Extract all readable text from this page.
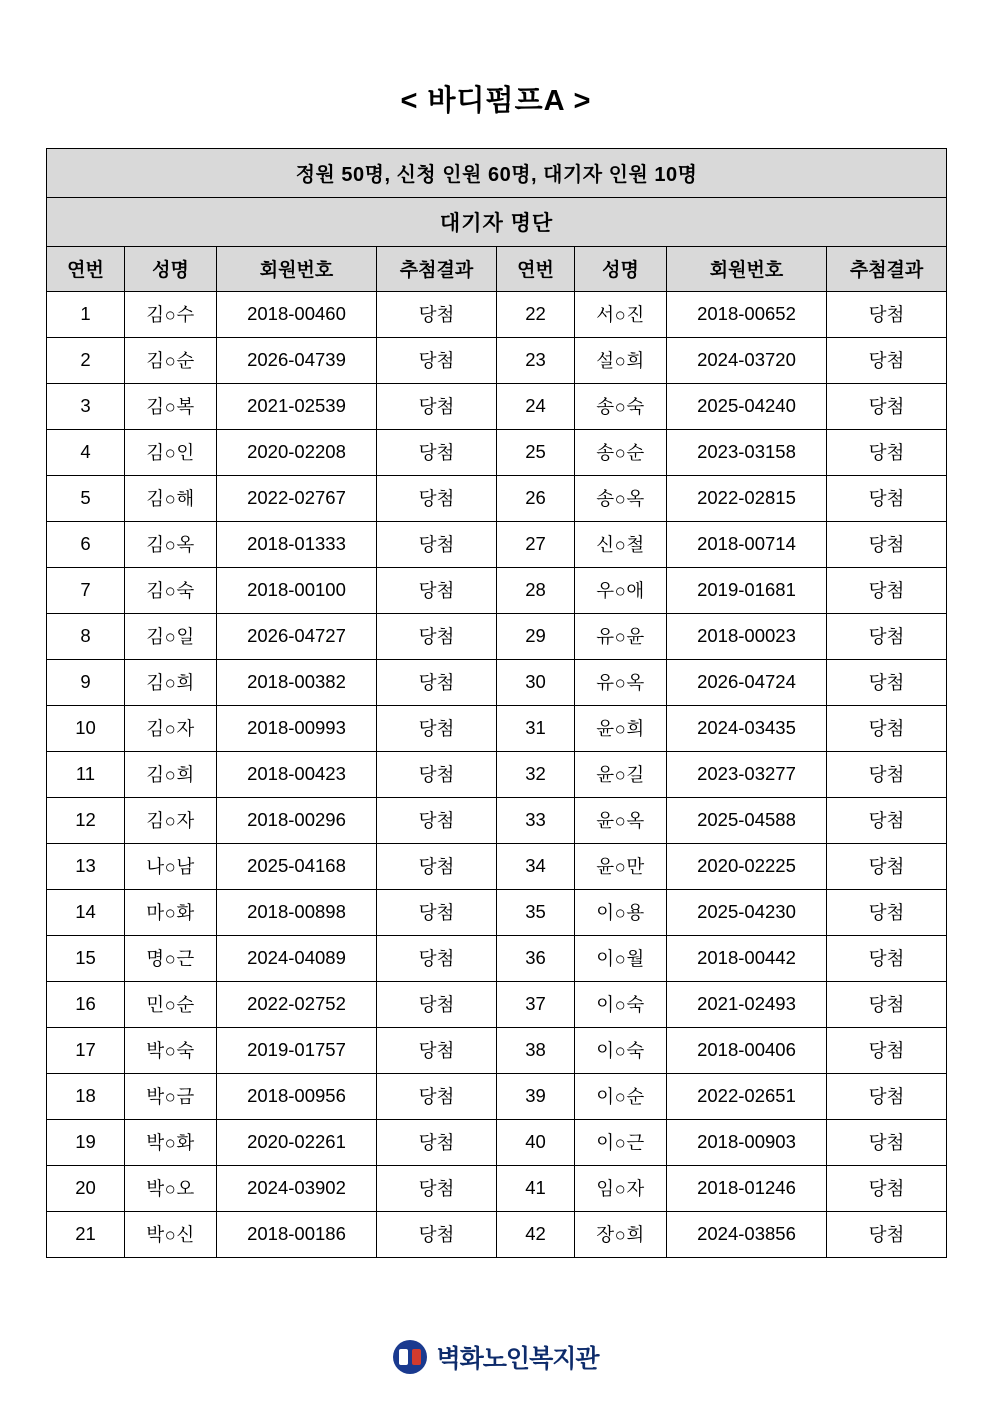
< 바디펌프A >
정원 50명, 신청 인원 60명, 대기자 인원 10명							
대기자 명단							
연번	성명	회원번호	추첨결과	연번	성명	회원번호	추첨결과
1	김○수	2018-00460	당첨	22	서○진	2018-00652	당첨
2	김○순	2026-04739	당첨	23	설○희	2024-03720	당첨
3	김○복	2021-02539	당첨	24	송○숙	2025-04240	당첨
4	김○인	2020-02208	당첨	25	송○순	2023-03158	당첨
5	김○해	2022-02767	당첨	26	송○옥	2022-02815	당첨
6	김○옥	2018-01333	당첨	27	신○철	2018-00714	당첨
7	김○숙	2018-00100	당첨	28	우○애	2019-01681	당첨
8	김○일	2026-04727	당첨	29	유○윤	2018-00023	당첨
9	김○희	2018-00382	당첨	30	유○옥	2026-04724	당첨
10	김○자	2018-00993	당첨	31	윤○희	2024-03435	당첨
11	김○희	2018-00423	당첨	32	윤○길	2023-03277	당첨
12	김○자	2018-00296	당첨	33	윤○옥	2025-04588	당첨
13	나○남	2025-04168	당첨	34	윤○만	2020-02225	당첨
14	마○화	2018-00898	당첨	35	이○용	2025-04230	당첨
15	명○근	2024-04089	당첨	36	이○월	2018-00442	당첨
16	민○순	2022-02752	당첨	37	이○숙	2021-02493	당첨
17	박○숙	2019-01757	당첨	38	이○숙	2018-00406	당첨
18	박○금	2018-00956	당첨	39	이○순	2022-02651	당첨
19	박○화	2020-02261	당첨	40	이○근	2018-00903	당첨
20	박○오	2024-03902	당첨	41	임○자	2018-01246	당첨
21	박○신	2018-00186	당첨	42	장○희	2024-03856	당첨
벽화노인복지관
